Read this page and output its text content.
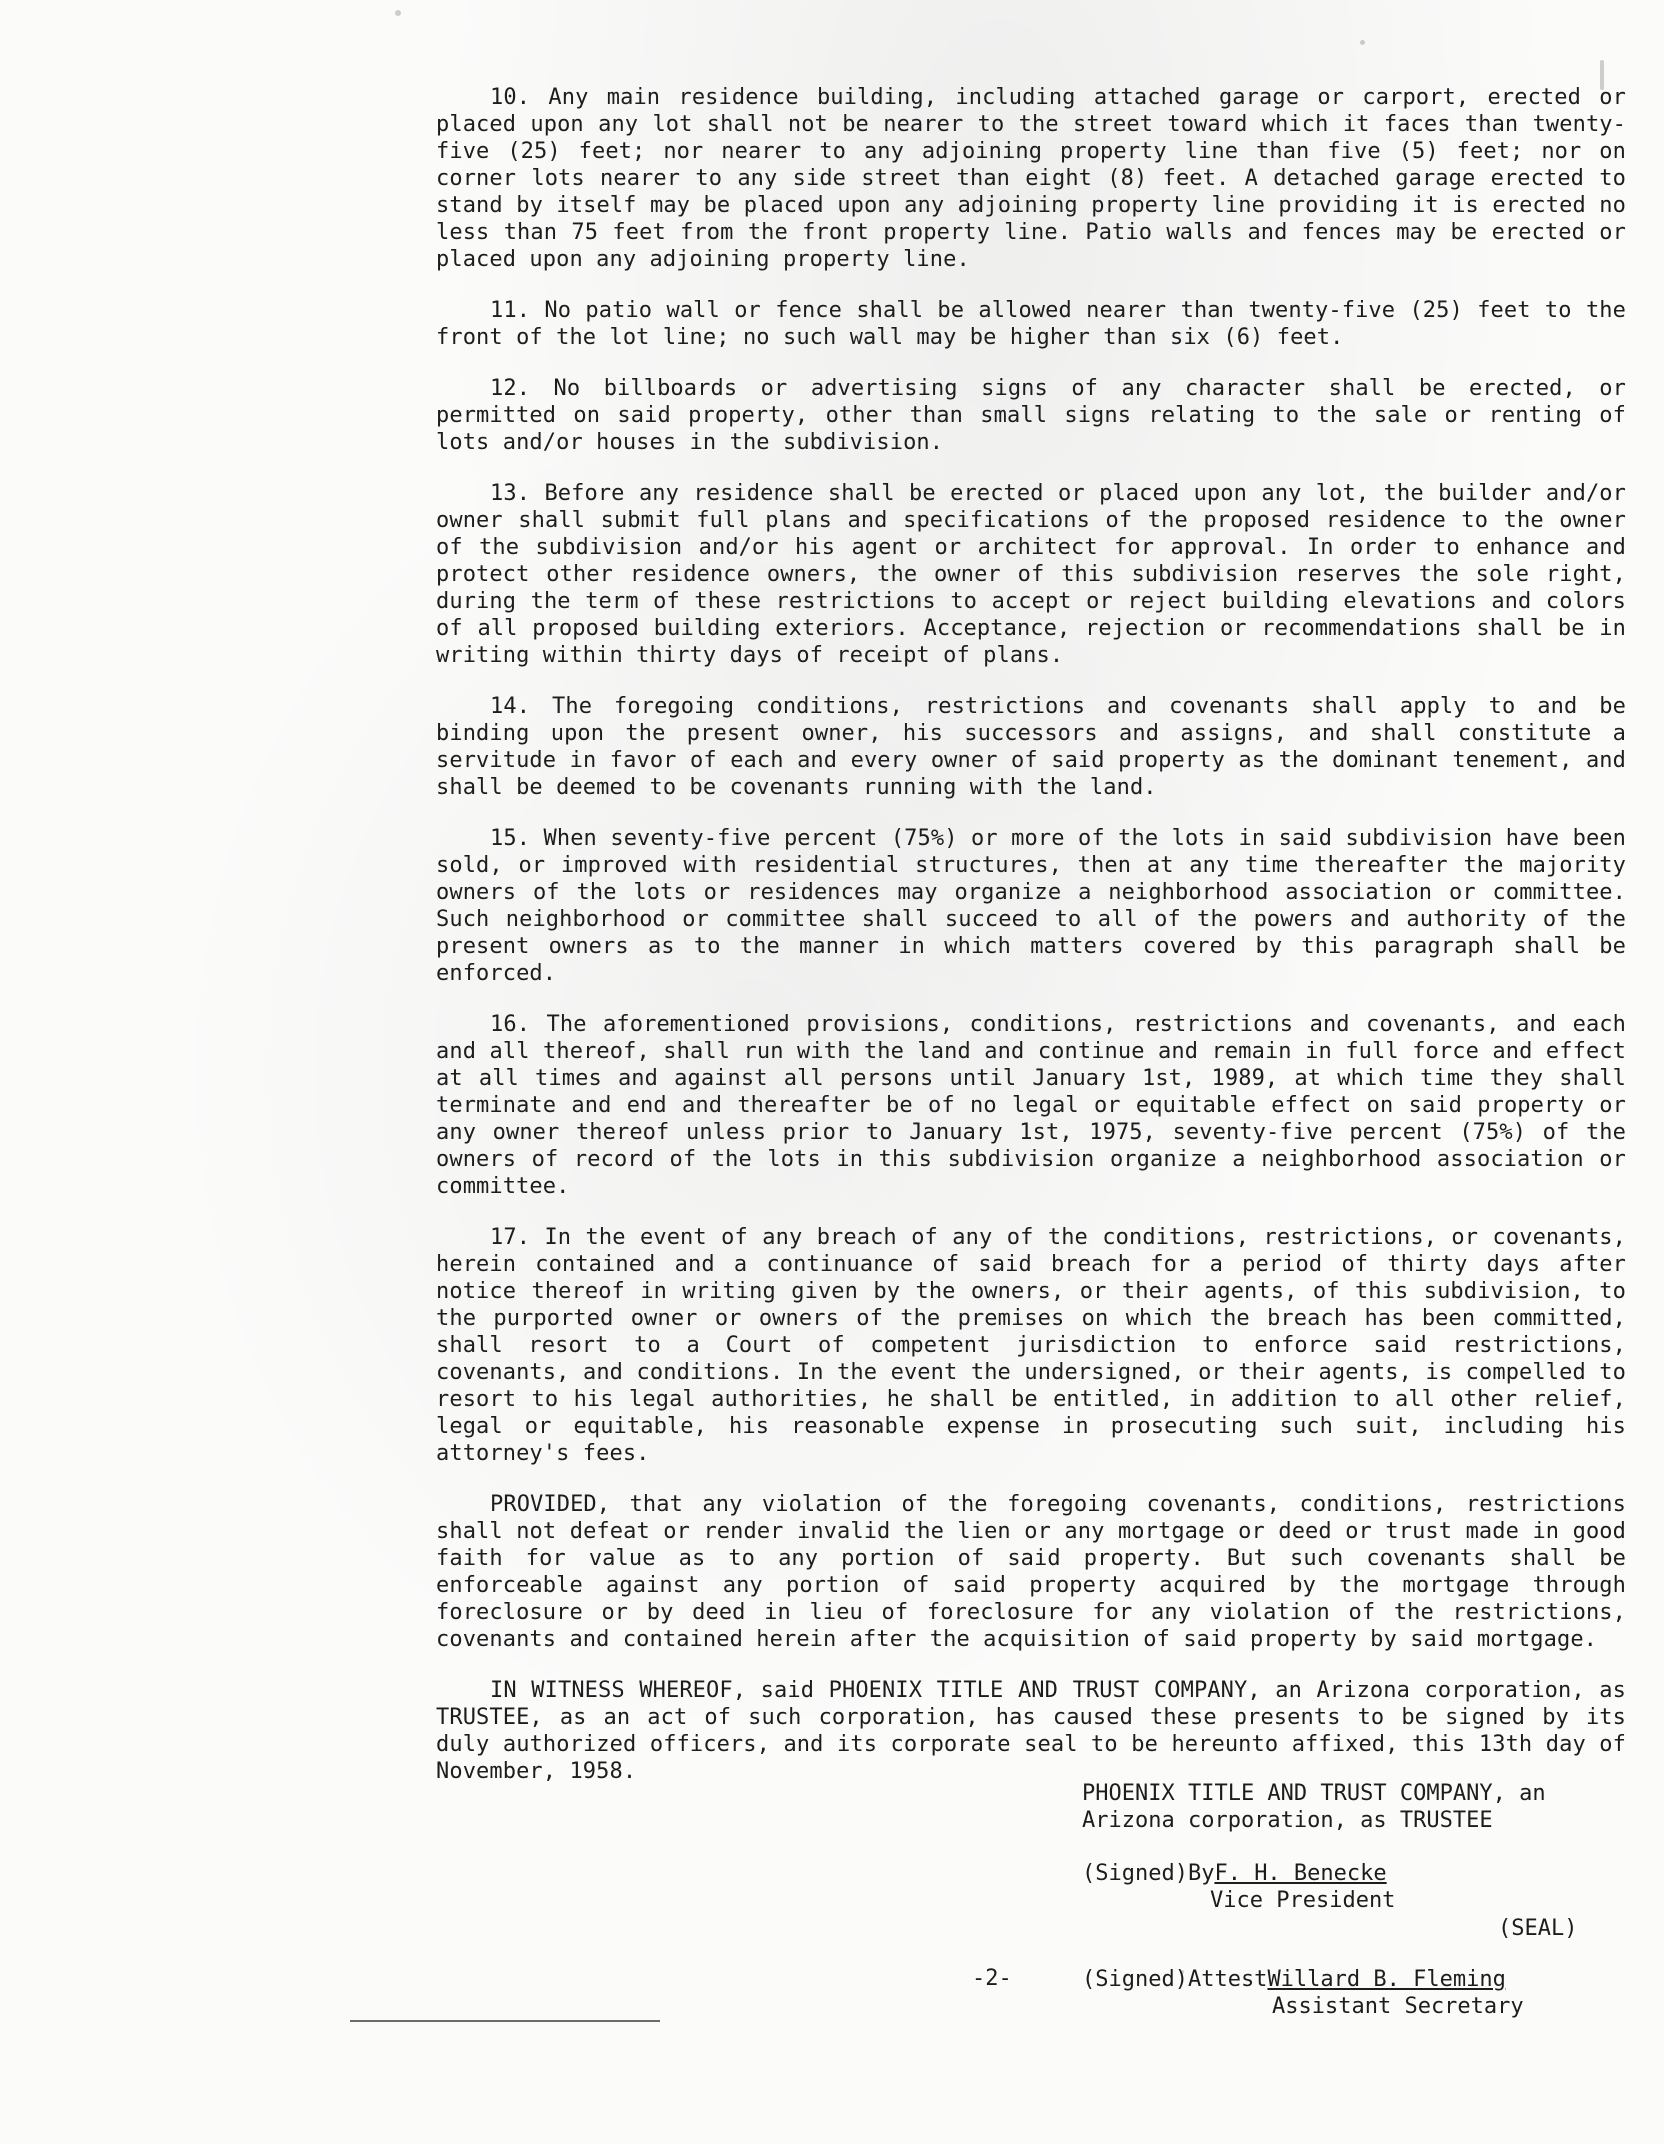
10. Any main residence building, including attached garage or carport, erected or placed upon any lot shall not be nearer to the street toward which it faces than twenty-five (25) feet; nor nearer to any adjoining property line than five (5) feet; nor on corner lots nearer to any side street than eight (8) feet. A detached garage erected to stand by itself may be placed upon any adjoining property line providing it is erected no less than 75 feet from the front property line. Patio walls and fences may be erected or placed upon any adjoining property line.

11. No patio wall or fence shall be allowed nearer than twenty-five (25) feet to the front of the lot line; no such wall may be higher than six (6) feet.

12. No billboards or advertising signs of any character shall be erected, or permitted on said property, other than small signs relating to the sale or renting of lots and/or houses in the subdivision.

13. Before any residence shall be erected or placed upon any lot, the builder and/or owner shall submit full plans and specifications of the proposed residence to the owner of the subdivision and/or his agent or architect for approval. In order to enhance and protect other residence owners, the owner of this subdivision reserves the sole right, during the term of these restrictions to accept or reject building elevations and colors of all proposed building exteriors. Acceptance, rejection or recommendations shall be in writing within thirty days of receipt of plans.

14. The foregoing conditions, restrictions and covenants shall apply to and be binding upon the present owner, his successors and assigns, and shall constitute a servitude in favor of each and every owner of said property as the dominant tenement, and shall be deemed to be covenants running with the land.

15. When seventy-five percent (75%) or more of the lots in said subdivision have been sold, or improved with residential structures, then at any time thereafter the majority owners of the lots or residences may organize a neighborhood association or committee. Such neighborhood or committee shall succeed to all of the powers and authority of the present owners as to the manner in which matters covered by this paragraph shall be enforced.

16. The aforementioned provisions, conditions, restrictions and covenants, and each and all thereof, shall run with the land and continue and remain in full force and effect at all times and against all persons until January 1st, 1989, at which time they shall terminate and end and thereafter be of no legal or equitable effect on said property or any owner thereof unless prior to January 1st, 1975, seventy-five percent (75%) of the owners of record of the lots in this subdivision organize a neighborhood association or committee.

17. In the event of any breach of any of the conditions, restrictions, or covenants, herein contained and a continuance of said breach for a period of thirty days after notice thereof in writing given by the owners, or their agents, of this subdivision, to the purported owner or owners of the premises on which the breach has been committed, shall resort to a Court of competent jurisdiction to enforce said restrictions, covenants, and conditions. In the event the undersigned, or their agents, is compelled to resort to his legal authorities, he shall be entitled, in addition to all other relief, legal or equitable, his reasonable expense in prosecuting such suit, including his attorney's fees.

PROVIDED, that any violation of the foregoing covenants, conditions, restrictions shall not defeat or render invalid the lien or any mortgage or deed or trust made in good faith for value as to any portion of said property. But such covenants shall be enforceable against any portion of said property acquired by the mortgage through foreclosure or by deed in lieu of foreclosure for any violation of the restrictions, covenants and contained herein after the acquisition of said property by said mortgage.

IN WITNESS WHEREOF, said PHOENIX TITLE AND TRUST COMPANY, an Arizona corporation, as TRUSTEE, as an act of such corporation, has caused these presents to be signed by its duly authorized officers, and its corporate seal to be hereunto affixed, this 13th day of November, 1958.

PHOENIX TITLE AND TRUST COMPANY, an
Arizona corporation, as TRUSTEE
(Signed)ByF. H. Benecke
Vice President
(Signed)AttestWillard B. Fleming
Assistant Secretary
(SEAL)
-2-
